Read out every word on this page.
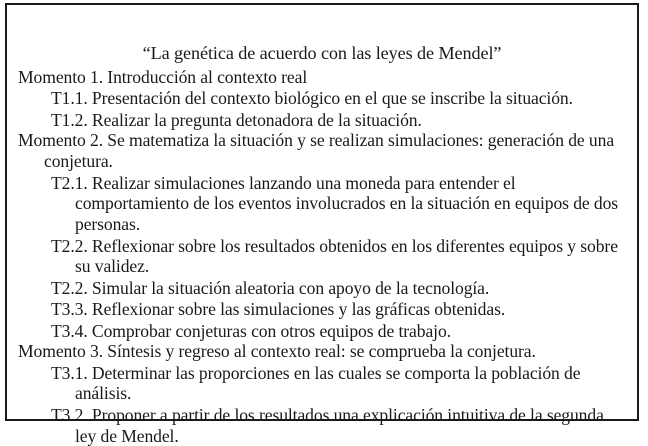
“La genética de acuerdo con las leyes de Mendel”

Momento 1. Introducción al contexto real

T1.1. Presentación del contexto biológico en el que se inscribe la situación.

T1.2. Realizar la pregunta detonadora de la situación.

Momento 2. Se matematiza la situación y se realizan simulaciones: generación de una conjetura.

T2.1. Realizar simulaciones lanzando una moneda para entender el comportamiento de los eventos involucrados en la situación en equipos de dos personas.

T2.2. Reflexionar sobre los resultados obtenidos en los diferentes equipos y sobre su validez.

T2.2. Simular la situación aleatoria con apoyo de la tecnología.

T3.3. Reflexionar sobre las simulaciones y las gráficas obtenidas.

T3.4. Comprobar conjeturas con otros equipos de trabajo.

Momento 3. Síntesis y regreso al contexto real: se comprueba la conjetura.

T3.1. Determinar las proporciones en las cuales se comporta la población de análisis.

T3.2. Proponer a partir de los resultados una explicación intuitiva de la segunda ley de Mendel.
